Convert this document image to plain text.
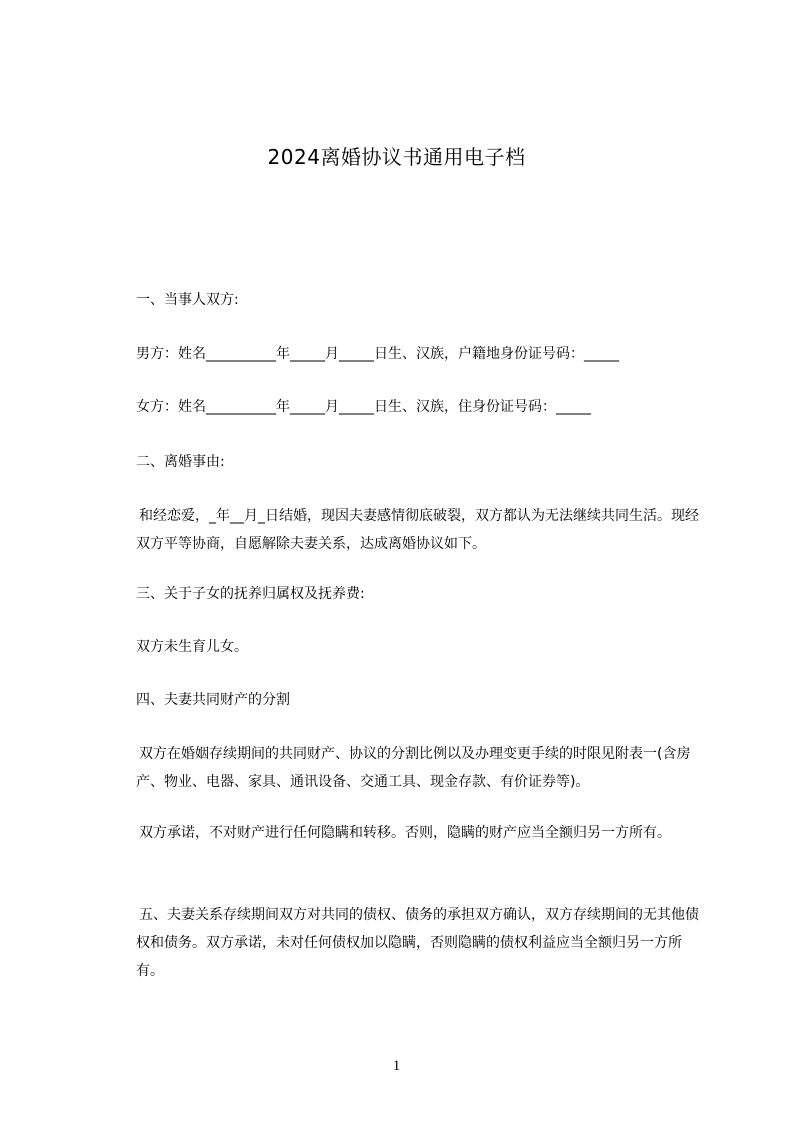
2024离婚协议书通用电子档
一、当事人双方:
男方：姓名__________年_____月_____日生、汉族，户籍地身份证号码：_____
女方：姓名__________年_____月_____日生、汉族，住身份证号码：_____
二、离婚事由:
和经恋爱，_年__月_日结婚，现因夫妻感情彻底破裂，双方都认为无法继续共同生活。现经双方平等协商，自愿解除夫妻关系，达成离婚协议如下。
三、关于子女的抚养归属权及抚养费:
双方未生育儿女。
四、夫妻共同财产的分割
双方在婚姻存续期间的共同财产、协议的分割比例以及办理变更手续的时限见附表一(含房产、物业、电器、家具、通讯设备、交通工具、现金存款、有价证券等)。
双方承诺，不对财产进行任何隐瞒和转移。否则，隐瞒的财产应当全额归另一方所有。
五、夫妻关系存续期间双方对共同的债权、债务的承担双方确认，双方存续期间的无其他债权和债务。双方承诺，未对任何债权加以隐瞒，否则隐瞒的债权利益应当全额归另一方所有。
1
